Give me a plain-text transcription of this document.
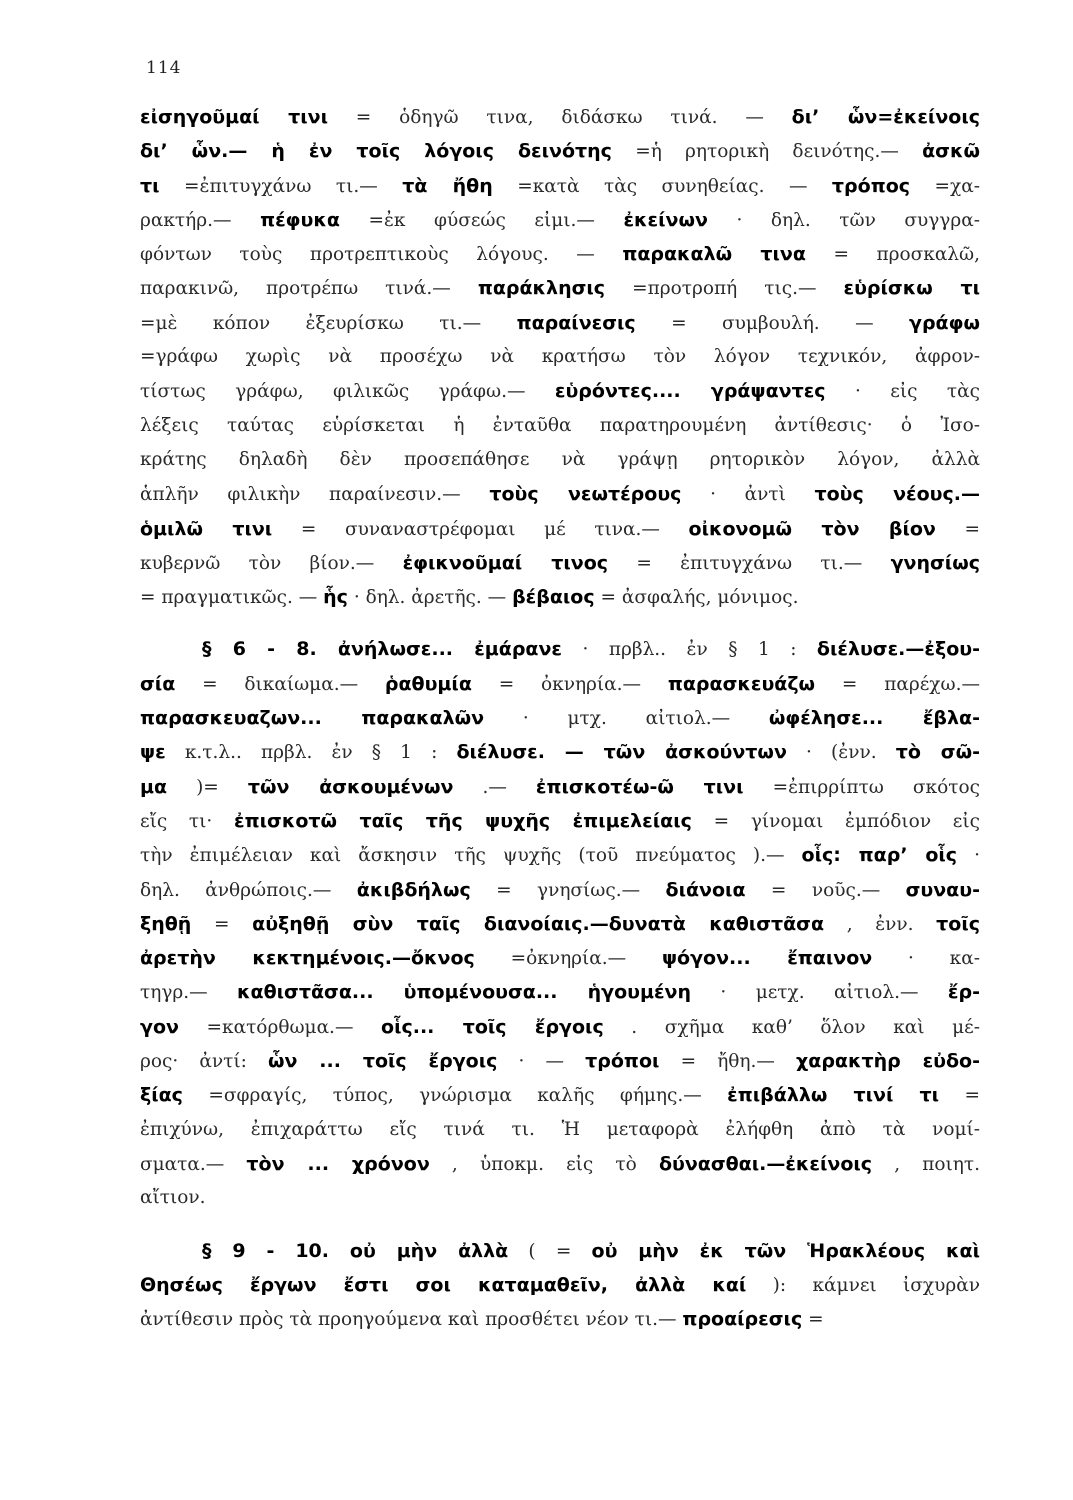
114
εἰσηγοῦμαί τινι = ὁδηγῶ τινα, διδάσκω τινά. — δι’ ὧν=ἐκείνοις
δι’ ὧν.— ἡ ἐν τοῖς λόγοις δεινότης =ἡ ρητορικὴ δεινότης.— ἀσκῶ
τι =ἐπιτυγχάνω τι.— τὰ ἤθη =κατὰ τὰς συνηθείας. — τρόπος =χα-
ρακτήρ.— πέφυκα =ἐκ φύσεώς εἰμι.— ἐκείνων · δηλ. τῶν συγγρα-
φόντων τοὺς προτρεπτικοὺς λόγους. — παρακαλῶ τινα = προσκαλῶ,
παρακινῶ, προτρέπω τινά.— παράκλησις =προτροπή τις.— εὑρίσκω τι
=μὲ κόπον ἐξευρίσκω τι.— παραίνεσις = συμβουλή. — γράφω
=γράφω χωρὶς νὰ προσέχω νὰ κρατήσω τὸν λόγον τεχνικόν, ἀφρον-
τίστως γράφω, φιλικῶς γράφω.— εὑρόντες.... γράψαντες · εἰς τὰς
λέξεις ταύτας εὑρίσκεται ἡ ἐνταῦθα παρατηρουμένη ἀντίθεσις· ὁ Ἰσο-
κράτης δηλαδὴ δὲν προσεπάθησε νὰ γράψῃ ρητορικὸν λόγον, ἀλλὰ
ἁπλῆν φιλικὴν παραίνεσιν.— τοὺς νεωτέρους · ἀντὶ τοὺς νέους.—
ὁμιλῶ τινι = συναναστρέφομαι μέ τινα.— οἰκονομῶ τὸν βίον =
κυβερνῶ τὸν βίον.— ἐφικνοῦμαί τινος = ἐπιτυγχάνω τι.— γνησίως
= πραγματικῶς. — ἧς · δηλ. ἀρετῆς. — βέβαιος = ἀσφαλής, μόνιμος.
§ 6 - 8. ἀνήλωσε... ἐμάρανε · πρβλ.. ἐν § 1 : διέλυσε.—ἐξου-
σία = δικαίωμα.— ῥαθυμία = ὀκνηρία.— παρασκευάζω = παρέχω.—
παρασκευαζων... παρακαλῶν · μτχ. αἰτιολ.— ὠφέλησε... ἔβλα-
ψε κ.τ.λ.. πρβλ. ἐν § 1 : διέλυσε. — τῶν ἀσκούντων · (ἐνν. τὸ σῶ-
μα )= τῶν ἀσκουμένων .— ἐπισκοτέω-ῶ τινι =ἐπιρρίπτω σκότος
εἴς τι· ἐπισκοτῶ ταῖς τῆς ψυχῆς ἐπιμελείαις = γίνομαι ἐμπόδιον εἰς
τὴν ἐπιμέλειαν καὶ ἄσκησιν τῆς ψυχῆς (τοῦ πνεύματος ).— οἷς: παρ’ οἷς ·
δηλ. ἀνθρώποις.— ἀκιβδήλως = γνησίως.— διάνοια = νοῦς.— συναυ-
ξηθῇ = αὐξηθῇ σὺν ταῖς διανοίαις.—δυνατὰ καθιστᾶσα , ἐνν. τοῖς
ἀρετὴν κεκτημένοις.—ὄκνος =ὀκνηρία.— ψόγον... ἔπαινον · κα-
τηγρ.— καθιστᾶσα... ὑπομένουσα... ἡγουμένη · μετχ. αἰτιολ.— ἔρ-
γον =κατόρθωμα.— οἷς... τοῖς ἔργοις . σχῆμα καθ’ ὅλον καὶ μέ-
ρος· ἀντί: ὧν ... τοῖς ἔργοις · — τρόποι = ἤθη.— χαρακτὴρ εὐδο-
ξίας =σφραγίς, τύπος, γνώρισμα καλῆς φήμης.— ἐπιβάλλω τινί τι =
ἐπιχύνω, ἐπιχαράττω εἴς τινά τι. Ἡ μεταφορὰ ἐλήφθη ἀπὸ τὰ νομί-
σματα.— τὸν ... χρόνον , ὑποκμ. εἰς τὸ δύνασθαι.—ἐκείνοις , ποιητ.
αἴτιον.
§ 9 - 10. οὐ μὴν ἀλλὰ ( = οὐ μὴν ἐκ τῶν Ἡρακλέους καὶ
Θησέως ἔργων ἔστι σοι καταμαθεῖν, ἀλλὰ καί ): κάμνει ἰσχυρὰν
ἀντίθεσιν πρὸς τὰ προηγούμενα καὶ προσθέτει νέον τι.— προαίρεσις =
